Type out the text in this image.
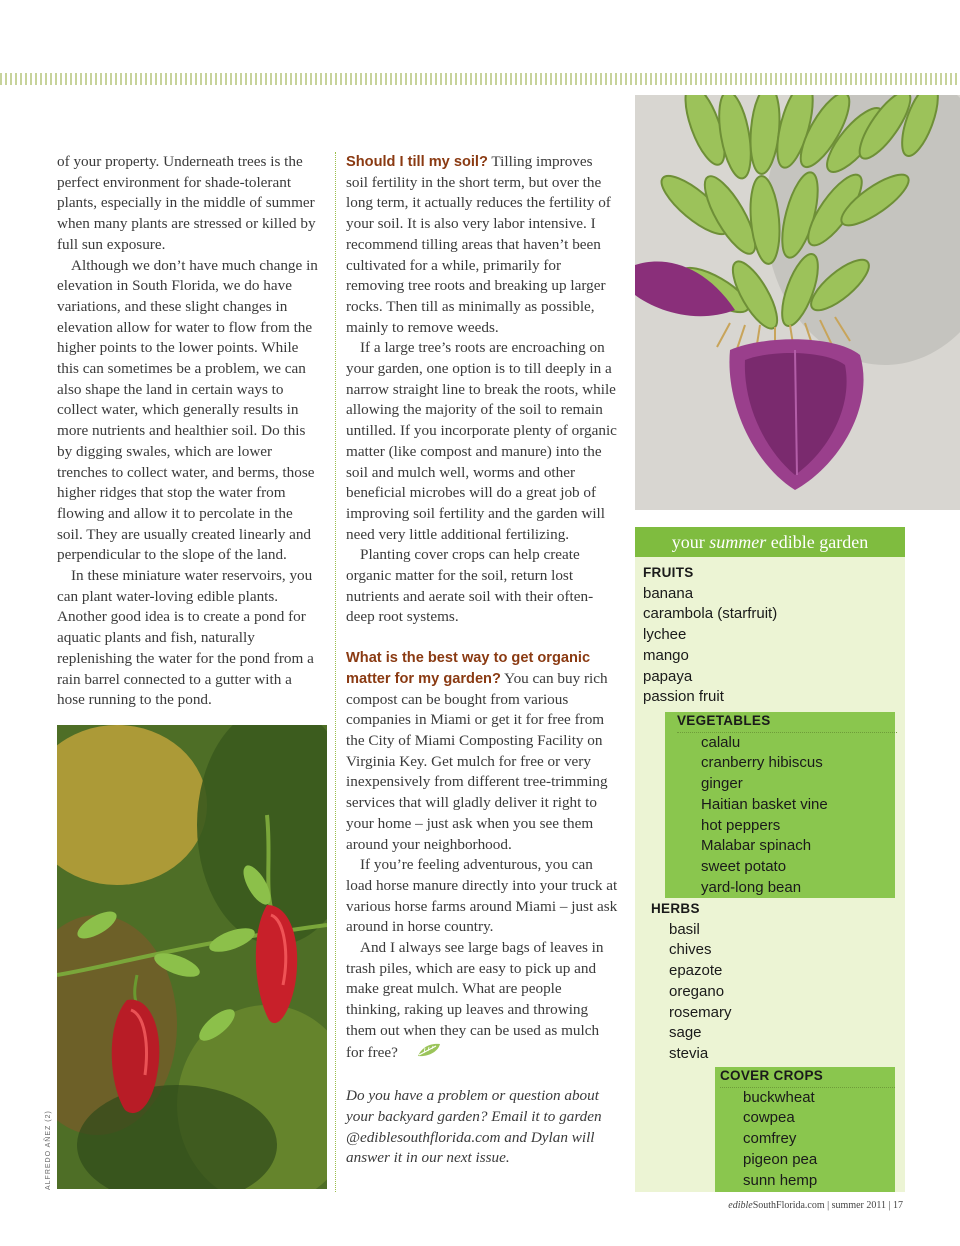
of your property. Underneath trees is the perfect environment for shade-tolerant plants, especially in the middle of summer when many plants are stressed or killed by full sun exposure.

Although we don’t have much change in elevation in South Florida, we do have variations, and these slight changes in elevation allow for water to flow from the higher points to the lower points. While this can sometimes be a problem, we can also shape the land in certain ways to collect water, which generally results in more nutrients and healthier soil. Do this by digging swales, which are lower trenches to collect water, and berms, those higher ridges that stop the water from flowing and allow it to percolate in the soil. They are usually created linearly and perpendicular to the slope of the land.

In these miniature water reservoirs, you can plant water-loving edible plants. Another good idea is to create a pond for aquatic plants and fish, naturally replenishing the water for the pond from a rain barrel connected to a gutter with a hose running to the pond.

Should I till my soil? Tilling improves soil fertility in the short term, but over the long term, it actually reduces the fertility of your soil. It is also very labor intensive. I recommend tilling areas that haven’t been cultivated for a while, primarily for removing tree roots and breaking up larger rocks. Then till as minimally as possible, mainly to remove weeds.

If a large tree’s roots are encroaching on your garden, one option is to till deeply in a narrow straight line to break the roots, while allowing the majority of the soil to remain untilled. If you incorporate plenty of organic matter (like compost and manure) into the soil and mulch well, worms and other beneficial microbes will do a great job of improving soil fertility and the garden will need very little additional fertilizing.

Planting cover crops can help create organic matter for the soil, return lost nutrients and aerate soil with their often-deep root systems.

What is the best way to get organic matter for my garden? You can buy rich compost can be bought from various companies in Miami or get it for free from the City of Miami Composting Facility on Virginia Key. Get mulch for free or very inexpensively from different tree-trimming services that will gladly deliver it right to your home – just ask when you see them around your neighborhood.

If you’re feeling adventurous, you can load horse manure directly into your truck at various horse farms around Miami – just ask around in horse country.

And I always see large bags of leaves in trash piles, which are easy to pick up and make great mulch. What are people thinking, raking up leaves and throwing them out when they can be used as mulch for free?

Do you have a problem or question about your backyard garden? Email it to garden @ediblesouthflorida.com and Dylan will answer it in our next issue.

ALFREDO AÑEZ (2)
your summer edible garden
FRUITS
banana
carambola (starfruit)
lychee
mango
papaya
passion fruit
VEGETABLES
calalu
cranberry hibiscus
ginger
Haitian basket vine
hot peppers
Malabar spinach
sweet potato
yard-long bean
HERBS
basil
chives
epazote
oregano
rosemary
sage
stevia
COVER CROPS
buckwheat
cowpea
comfrey
pigeon pea
sunn hemp
edibleSouthFlorida.com | summer 2011 | 17
